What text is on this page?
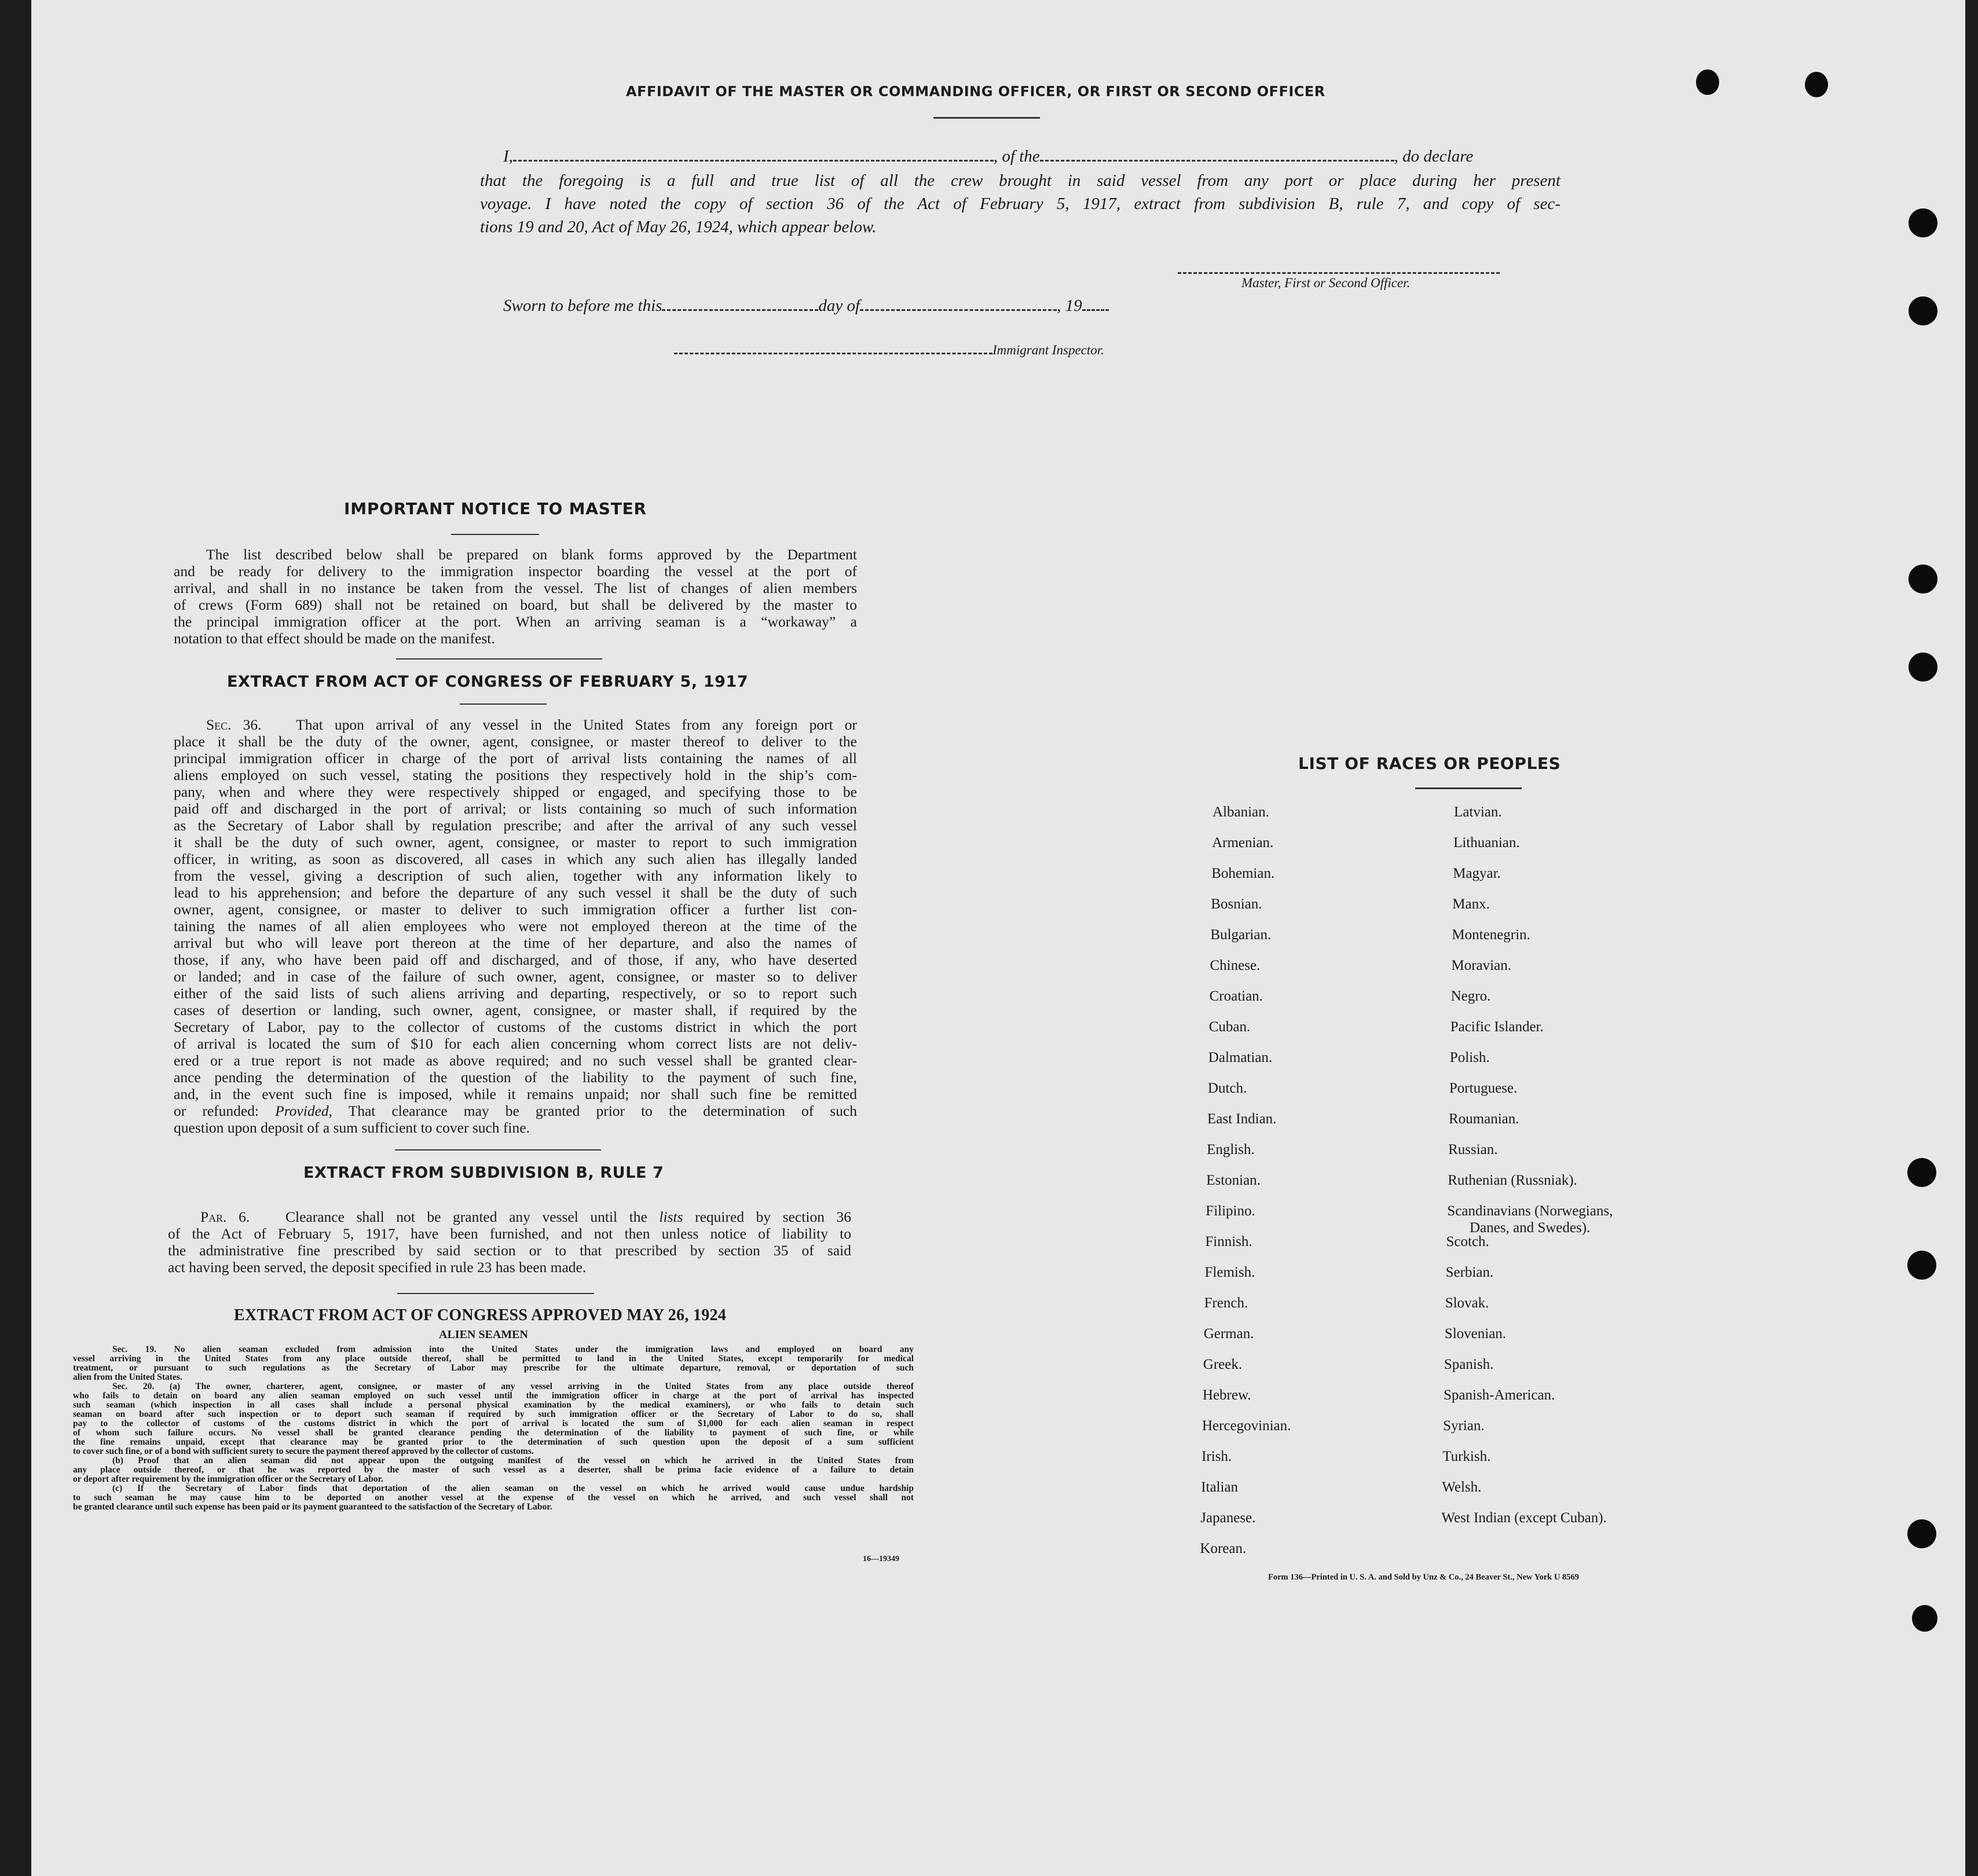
AFFIDAVIT OF THE MASTER OR COMMANDING OFFICER, OR FIRST OR SECOND OFFICER
I,	, of the	, do declare
that the foregoing is a full and true list of all the crew brought in said vessel from any port or place during her present
voyage. I have noted the copy of section 36 of the Act of February 5, 1917, extract from subdivision B, rule 7, and copy of sec-
tions 19 and 20, Act of May 26, 1924, which appear below.
Master, First or Second Officer.
Sworn to before me this	day of	, 19
Immigrant Inspector.
IMPORTANT NOTICE TO MASTER
The list described below shall be prepared on blank forms approved by the Department
and be ready for delivery to the immigration inspector boarding the vessel at the port of
arrival, and shall in no instance be taken from the vessel. The list of changes of alien members
of crews (Form 689) shall not be retained on board, but shall be delivered by the master to
the principal immigration officer at the port. When an arriving seaman is a “workaway” a
notation to that effect should be made on the manifest.
EXTRACT FROM ACT OF CONGRESS OF FEBRUARY 5, 1917
Sec. 36. That upon arrival of any vessel in the United States from any foreign port or
place it shall be the duty of the owner, agent, consignee, or master thereof to deliver to the
principal immigration officer in charge of the port of arrival lists containing the names of all
aliens employed on such vessel, stating the positions they respectively hold in the ship’s com-
pany, when and where they were respectively shipped or engaged, and specifying those to be
paid off and discharged in the port of arrival; or lists containing so much of such information
as the Secretary of Labor shall by regulation prescribe; and after the arrival of any such vessel
it shall be the duty of such owner, agent, consignee, or master to report to such immigration
officer, in writing, as soon as discovered, all cases in which any such alien has illegally landed
from the vessel, giving a description of such alien, together with any information likely to
lead to his apprehension; and before the departure of any such vessel it shall be the duty of such
owner, agent, consignee, or master to deliver to such immigration officer a further list con-
taining the names of all alien employees who were not employed thereon at the time of the
arrival but who will leave port thereon at the time of her departure, and also the names of
those, if any, who have been paid off and discharged, and of those, if any, who have deserted
or landed; and in case of the failure of such owner, agent, consignee, or master so to deliver
either of the said lists of such aliens arriving and departing, respectively, or so to report such
cases of desertion or landing, such owner, agent, consignee, or master shall, if required by the
Secretary of Labor, pay to the collector of customs of the customs district in which the port
of arrival is located the sum of $10 for each alien concerning whom correct lists are not deliv-
ered or a true report is not made as above required; and no such vessel shall be granted clear-
ance pending the determination of the question of the liability to the payment of such fine,
and, in the event such fine is imposed, while it remains unpaid; nor shall such fine be remitted
or refunded: Provided, That clearance may be granted prior to the determination of such
question upon deposit of a sum sufficient to cover such fine.
EXTRACT FROM SUBDIVISION B, RULE 7
Par. 6. Clearance shall not be granted any vessel until the lists required by section 36
of the Act of February 5, 1917, have been furnished, and not then unless notice of liability to
the administrative fine prescribed by said section or to that prescribed by section 35 of said
act having been served, the deposit specified in rule 23 has been made.
EXTRACT FROM ACT OF CONGRESS APPROVED MAY 26, 1924
ALIEN SEAMEN
Sec. 19. No alien seaman excluded from admission into the United States under the immigration laws and employed on board any
vessel arriving in the United States from any place outside thereof, shall be permitted to land in the United States, except temporarily for medical
treatment, or pursuant to such regulations as the Secretary of Labor may prescribe for the ultimate departure, removal, or deportation of such
alien from the United States.
Sec. 20. (a) The owner, charterer, agent, consignee, or master of any vessel arriving in the United States from any place outside thereof
who fails to detain on board any alien seaman employed on such vessel until the immigration officer in charge at the port of arrival has inspected
such seaman (which inspection in all cases shall include a personal physical examination by the medical examiners), or who fails to detain such
seaman on board after such inspection or to deport such seaman if required by such immigration officer or the Secretary of Labor to do so, shall
pay to the collector of customs of the customs district in which the port of arrival is located the sum of $1,000 for each alien seaman in respect
of whom such failure occurs. No vessel shall be granted clearance pending the determination of the liability to payment of such fine, or while
the fine remains unpaid, except that clearance may be granted prior to the determination of such question upon the deposit of a sum sufficient
to cover such fine, or of a bond with sufficient surety to secure the payment thereof approved by the collector of customs.
(b) Proof that an alien seaman did not appear upon the outgoing manifest of the vessel on which he arrived in the United States from
any place outside thereof, or that he was reported by the master of such vessel as a deserter, shall be prima facie evidence of a failure to detain
or deport after requirement by the immigration officer or the Secretary of Labor.
(c) If the Secretary of Labor finds that deportation of the alien seaman on the vessel on which he arrived would cause undue hardship
to such seaman he may cause him to be deported on another vessel at the expense of the vessel on which he arrived, and such vessel shall not
be granted clearance until such expense has been paid or its payment guaranteed to the satisfaction of the Secretary of Labor.
16—19349
LIST OF RACES OR PEOPLES
Albanian.
Armenian.
Bohemian.
Bosnian.
Bulgarian.
Chinese.
Croatian.
Cuban.
Dalmatian.
Dutch.
East Indian.
English.
Estonian.
Filipino.
Finnish.
Flemish.
French.
German.
Greek.
Hebrew.
Hercegovinian.
Irish.
Italian
Japanese.
Korean.
Latvian.
Lithuanian.
Magyar.
Manx.
Montenegrin.
Moravian.
Negro.
Pacific Islander.
Polish.
Portuguese.
Roumanian.
Russian.
Ruthenian (Russniak).
Scandinavians (Norwegians,
Danes, and Swedes).
Scotch.
Serbian.
Slovak.
Slovenian.
Spanish.
Spanish-American.
Syrian.
Turkish.
Welsh.
West Indian (except Cuban).
Form 136—Printed in U. S. A. and Sold by Unz & Co., 24 Beaver St., New York U 8569
